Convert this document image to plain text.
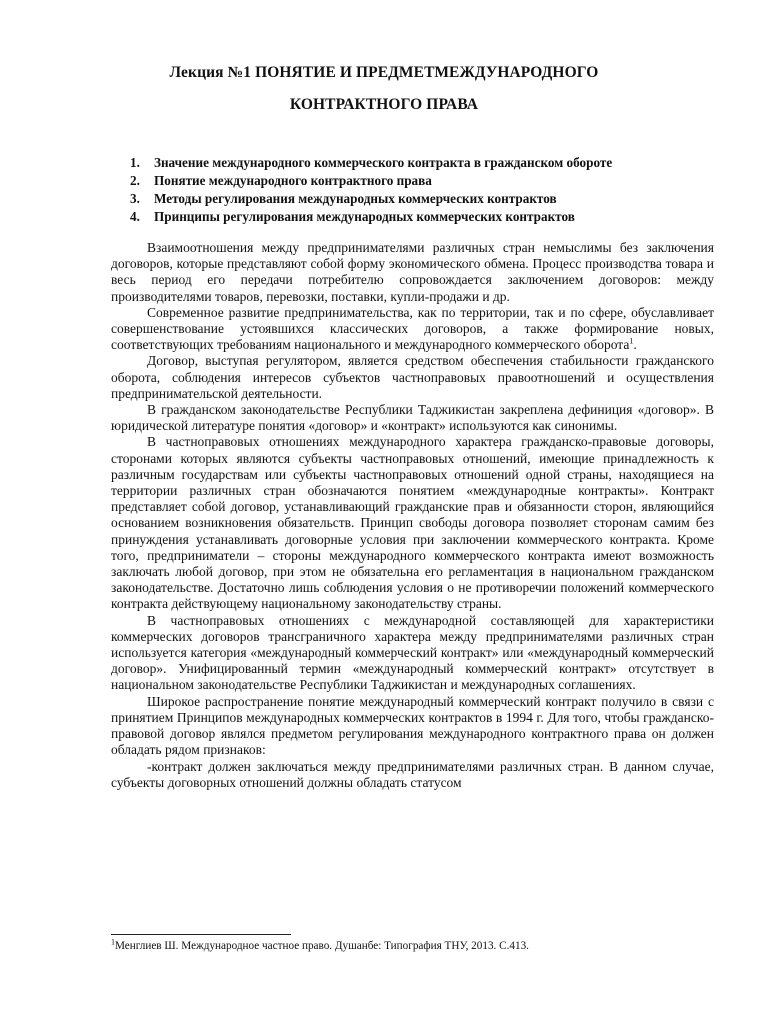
Лекция №1 ПОНЯТИЕ И ПРЕДМЕТМЕЖДУНАРОДНОГО
КОНТРАКТНОГО ПРАВА
1. Значение международного коммерческого контракта в гражданском обороте
2. Понятие международного контрактного права
3. Методы регулирования международных коммерческих контрактов
4. Принципы регулирования международных коммерческих контрактов

Взаимоотношения между предпринимателями различных стран немыслимы без заключения договоров, которые представляют собой форму экономического обмена. Процесс производства товара и весь период его передачи потребителю сопровождается заключением договоров: между производителями товаров, перевозки, поставки, купли-продажи и др.

Современное развитие предпринимательства, как по территории, так и по сфере, обуславливает совершенствование устоявшихся классических договоров, а также формирование новых, соответствующих требованиям национального и международного коммерческого оборота$^1$.

Договор, выступая регулятором, является средством обеспечения стабильности гражданского оборота, соблюдения интересов субъектов частноправовых правоотношений и осуществления предпринимательской деятельности.

В гражданском законодательстве Республики Таджикистан закреплена дефиниция «договор». В юридической литературе понятия «договор» и «контракт» используются как синонимы.

В частноправовых отношениях международного характера гражданско-правовые договоры, сторонами которых являются субъекты частноправовых отношений, имеющие принадлежность к различным государствам или субъекты частноправовых отношений одной страны, находящиеся на территории различных стран обозначаются понятием «международные контракты». Контракт представляет собой договор, устанавливающий гражданские прав и обязанности сторон, являющийся основанием возникновения обязательств. Принцип свободы договора позволяет сторонам самим без принуждения устанавливать договорные условия при заключении коммерческого контракта. Кроме того, предприниматели – стороны международного коммерческого контракта имеют возможность заключать любой договор, при этом не обязательна его регламентация в национальном гражданском законодательстве. Достаточно лишь соблюдения условия о не противоречии положений коммерческого контракта действующему национальному законодательству страны.

В частноправовых отношениях с международной составляющей для характеристики коммерческих договоров трансграничного характера между предпринимателями различных стран используется категория «международный коммерческий контракт» или «международный коммерческий договор». Унифицированный термин «международный коммерческий контракт» отсутствует в национальном законодательстве Республики Таджикистан и международных соглашениях.

Широкое распространение понятие международный коммерческий контракт получило в связи с принятием Принципов международных коммерческих контрактов в 1994 г. Для того, чтобы гражданско-правовой договор являлся предметом регулирования международного контрактного права он должен обладать рядом признаков:

-контракт должен заключаться между предпринимателями различных стран. В данном случае, субъекты договорных отношений должны обладать статусом

$^1$Менглиев Ш. Международное частное право. Душанбе: Типография ТНУ, 2013. С.413.
